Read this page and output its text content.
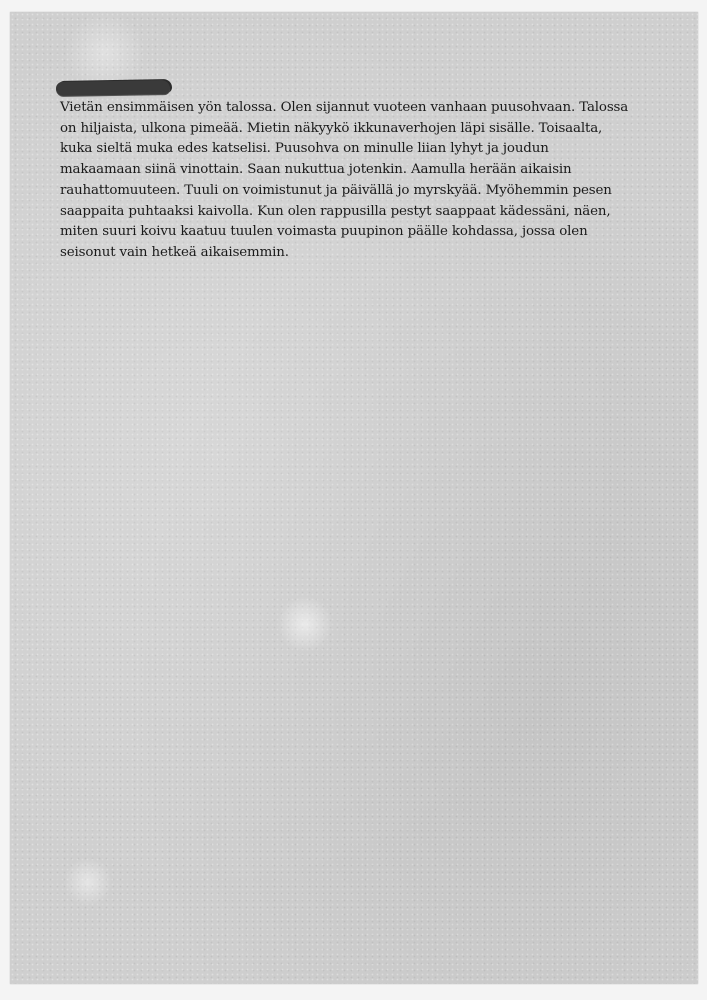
Vietän ensimmäisen yön talossa. Olen sijannut vuoteen vanhaan puusohvaan. Talossa
on hiljaista, ulkona pimeää. Mietin näkyykö ikkunaverhojen läpi sisälle. Toisaalta,
kuka sieltä muka edes katselisi. Puusohva on minulle liian lyhyt ja joudun
makaamaan siinä vinottain. Saan nukuttua jotenkin. Aamulla herään aikaisin
rauhattomuuteen. Tuuli on voimistunut ja päivällä jo myrskyää. Myöhemmin pesen
saappaita puhtaaksi kaivolla. Kun olen rappusilla pestyt saappaat kädessäni, näen,
miten suuri koivu kaatuu tuulen voimasta puupinon päälle kohdassa, jossa olen
seisonut vain hetkeä aikaisemmin.
